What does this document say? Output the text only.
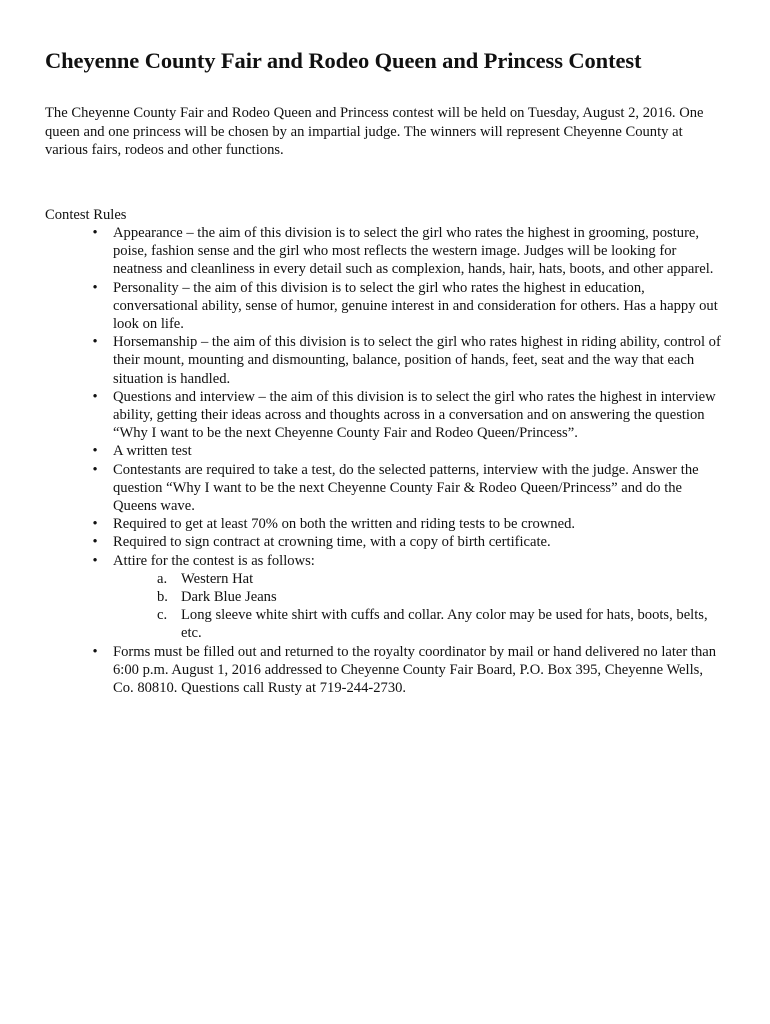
Cheyenne County Fair and Rodeo Queen and Princess Contest

The Cheyenne County Fair and Rodeo Queen and Princess contest will be held on Tuesday, August 2, 2016. One queen and one princess will be chosen by an impartial judge. The winners will represent Cheyenne County at various fairs, rodeos and other functions.

Contest Rules

• Appearance – the aim of this division is to select the girl who rates the highest in grooming, posture, poise, fashion sense and the girl who most reflects the western image. Judges will be looking for neatness and cleanliness in every detail such as complexion, hands, hair, hats, boots, and other apparel.
• Personality – the aim of this division is to select the girl who rates the highest in education, conversational ability, sense of humor, genuine interest in and consideration for others. Has a happy out look on life.
• Horsemanship – the aim of this division is to select the girl who rates highest in riding ability, control of their mount, mounting and dismounting, balance, position of hands, feet, seat and the way that each situation is handled.
• Questions and interview – the aim of this division is to select the girl who rates the highest in interview ability, getting their ideas across and thoughts across in a conversation and on answering the question “Why I want to be the next Cheyenne County Fair and Rodeo Queen/Princess”.
• A written test
• Contestants are required to take a test, do the selected patterns, interview with the judge. Answer the question “Why I want to be the next Cheyenne County Fair & Rodeo Queen/Princess” and do the Queens wave.
• Required to get at least 70% on both the written and riding tests to be crowned.
• Required to sign contract at crowning time, with a copy of birth certificate.
• Attire for the contest is as follows:
a. Western Hat
b. Dark Blue Jeans
c. Long sleeve white shirt with cuffs and collar. Any color may be used for hats, boots, belts, etc.
• Forms must be filled out and returned to the royalty coordinator by mail or hand delivered no later than 6:00 p.m. August 1, 2016 addressed to Cheyenne County Fair Board, P.O. Box 395, Cheyenne Wells, Co. 80810. Questions call Rusty at 719-244-2730.
